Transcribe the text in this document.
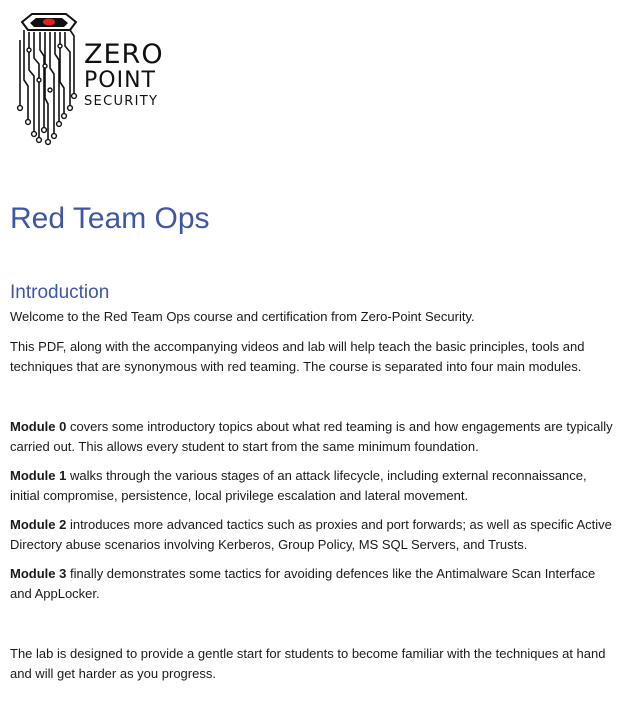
ZERO
POINT
SECURITY
Red Team Ops
Introduction

Welcome to the Red Team Ops course and certification from Zero-Point Security.

This PDF, along with the accompanying videos and lab will help teach the basic principles, tools and techniques that are synonymous with red teaming. The course is separated into four main modules.

Module 0 covers some introductory topics about what red teaming is and how engagements are typically carried out. This allows every student to start from the same minimum foundation.

Module 1 walks through the various stages of an attack lifecycle, including external reconnaissance, initial compromise, persistence, local privilege escalation and lateral movement.

Module 2 introduces more advanced tactics such as proxies and port forwards; as well as specific Active Directory abuse scenarios involving Kerberos, Group Policy, MS SQL Servers, and Trusts.

Module 3 finally demonstrates some tactics for avoiding defences like the Antimalware Scan Interface and AppLocker.

The lab is designed to provide a gentle start for students to become familiar with the techniques at hand and will get harder as you progress.
